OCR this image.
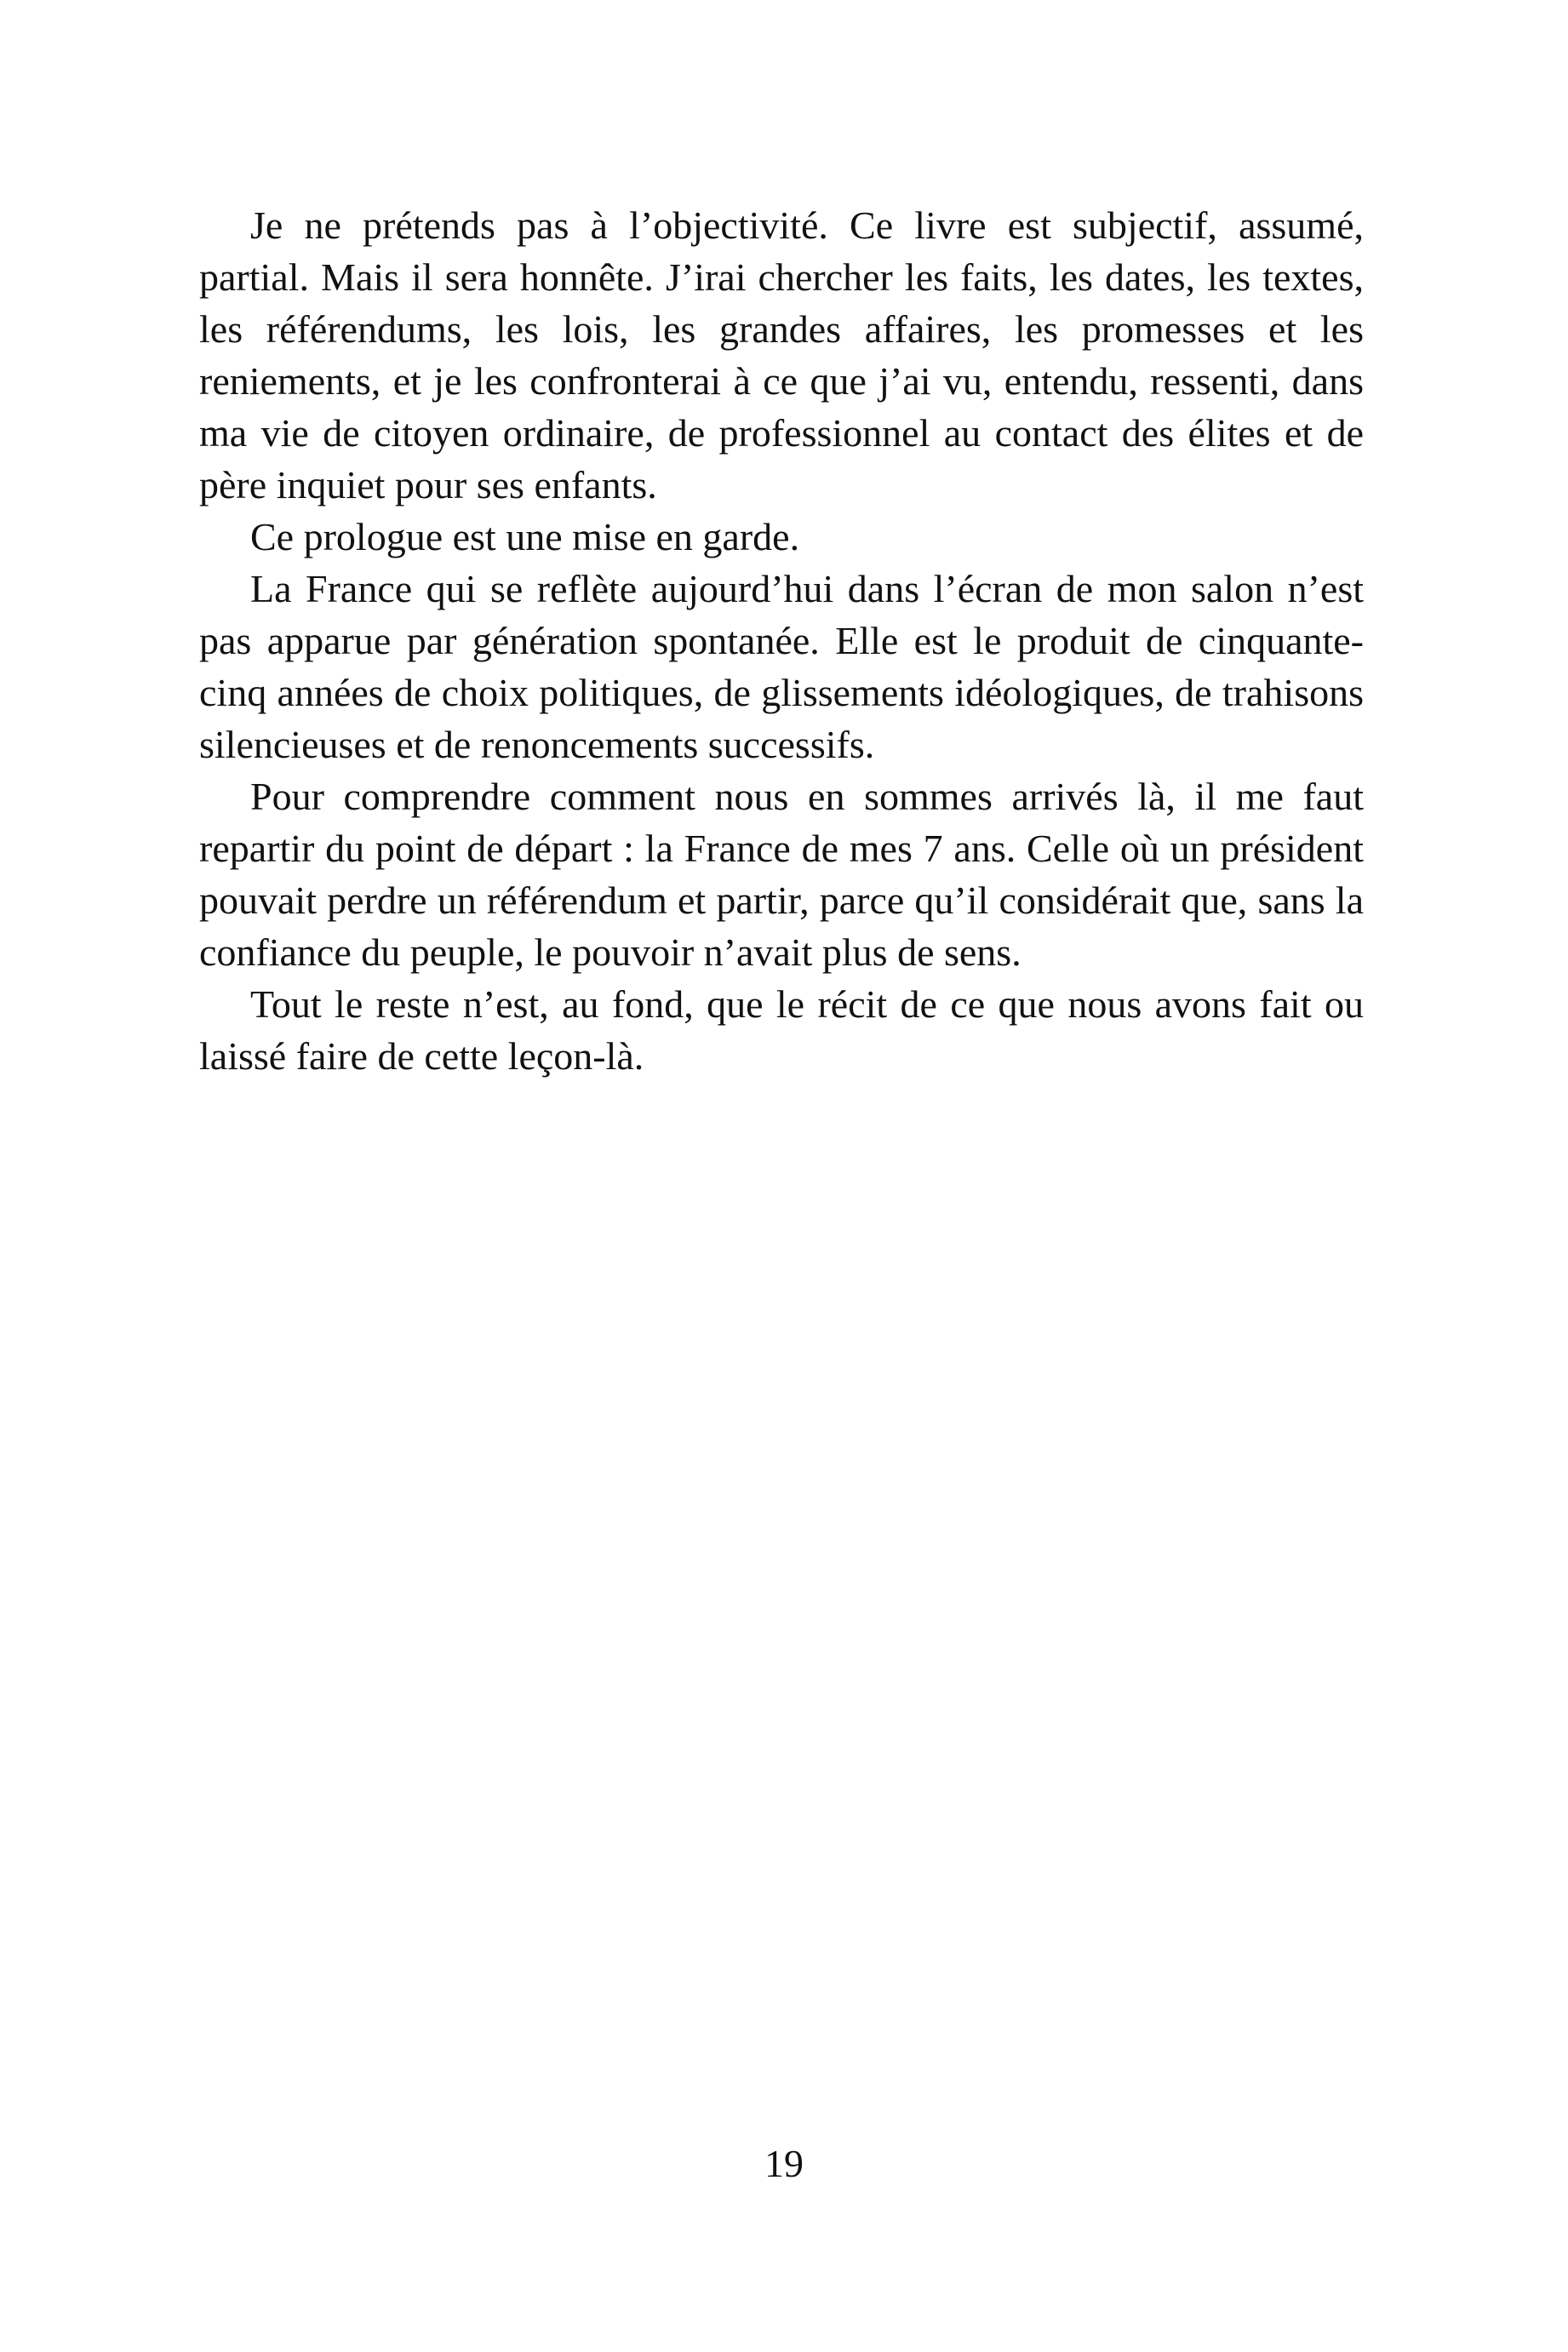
Je ne prétends pas à l’objectivité. Ce livre est subjectif, assumé, partial. Mais il sera honnête. J’irai chercher les faits, les dates, les textes, les référendums, les lois, les grandes affaires, les promesses et les reniements, et je les confronterai à ce que j’ai vu, entendu, ressenti, dans ma vie de citoyen ordinaire, de professionnel au contact des élites et de père inquiet pour ses enfants.

Ce prologue est une mise en garde.

La France qui se reflète aujourd’hui dans l’écran de mon salon n’est pas apparue par génération spontanée. Elle est le produit de cinquante-cinq années de choix politiques, de glissements idéologiques, de trahisons silencieuses et de renoncements successifs.

Pour comprendre comment nous en sommes arrivés là, il me faut repartir du point de départ : la France de mes 7 ans. Celle où un président pouvait perdre un référendum et partir, parce qu’il considérait que, sans la confiance du peuple, le pouvoir n’avait plus de sens.

Tout le reste n’est, au fond, que le récit de ce que nous avons fait ou laissé faire de cette leçon-là.

19
